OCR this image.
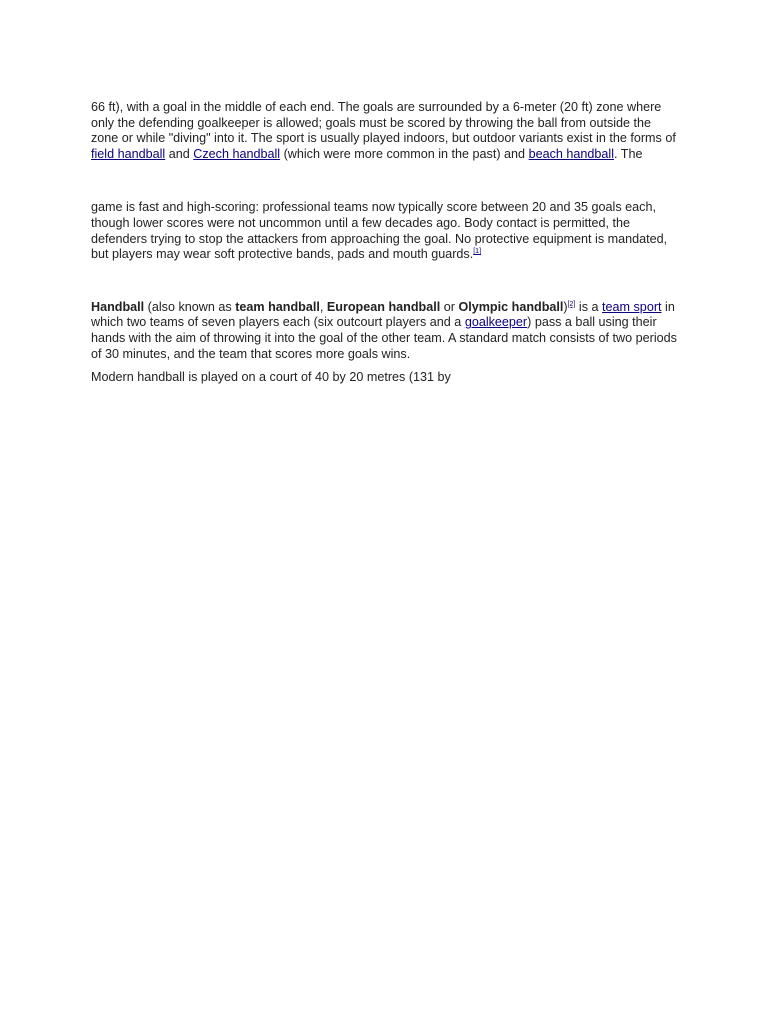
66 ft), with a goal in the middle of each end. The goals are surrounded by a 6-meter (20 ft) zone where only the defending goalkeeper is allowed; goals must be scored by throwing the ball from outside the zone or while "diving" into it. The sport is usually played indoors, but outdoor variants exist in the forms of field handball and Czech handball (which were more common in the past) and beach handball. The

game is fast and high-scoring: professional teams now typically score between 20 and 35 goals each, though lower scores were not uncommon until a few decades ago. Body contact is permitted, the defenders trying to stop the attackers from approaching the goal. No protective equipment is mandated, but players may wear soft protective bands, pads and mouth guards.[1]

Handball (also known as team handball, European handball or Olympic handball)[2] is a team sport in which two teams of seven players each (six outcourt players and a goalkeeper) pass a ball using their hands with the aim of throwing it into the goal of the other team. A standard match consists of two periods of 30 minutes, and the team that scores more goals wins.

Modern handball is played on a court of 40 by 20 metres (131 by
